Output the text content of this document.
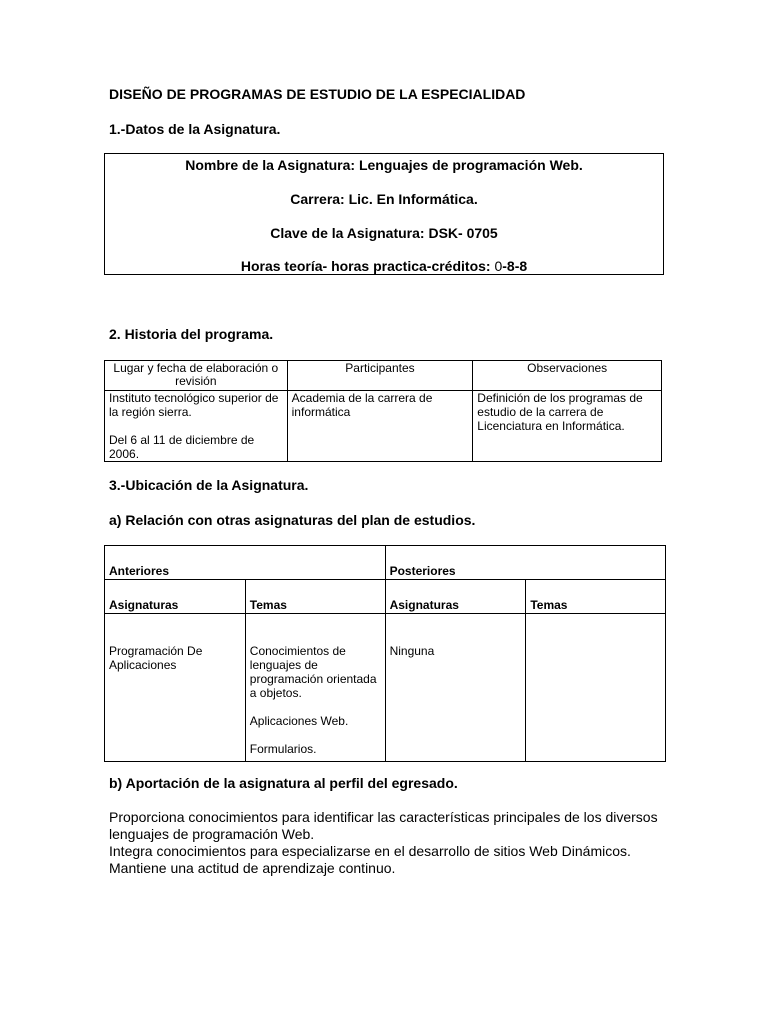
DISEÑO DE PROGRAMAS DE ESTUDIO DE LA ESPECIALIDAD
1.-Datos de la Asignatura.
Nombre de la Asignatura: Lenguajes de programación Web.
Carrera: Lic. En Informática.
Clave de la Asignatura: DSK- 0705
Horas teoría- horas practica-créditos: 0-8-8
2. Historia del programa.
Lugar y fecha de elaboración o revisión	Participantes	Observaciones

Instituto tecnológico superior de la región sierra.

Del 6 al 11 de diciembre de 2006.	Academia de la carrera de informática	Definición de los programas de estudio de la carrera de Licenciatura en Informática.
3.-Ubicación de la Asignatura.
a) Relación con otras asignaturas del plan de estudios.
Anteriores		Posteriores	
Asignaturas	Temas	Asignaturas	Temas
Programación De Aplicaciones	Conocimientos de lenguajes de programación orientada a objetos.

Aplicaciones Web.

Formularios.	Ninguna	
b) Aportación de la asignatura al perfil del egresado.
Proporciona conocimientos para identificar las características principales de los diversos lenguajes de programación Web.
Integra conocimientos para especializarse en el desarrollo de sitios Web Dinámicos.
Mantiene una actitud de aprendizaje continuo.
